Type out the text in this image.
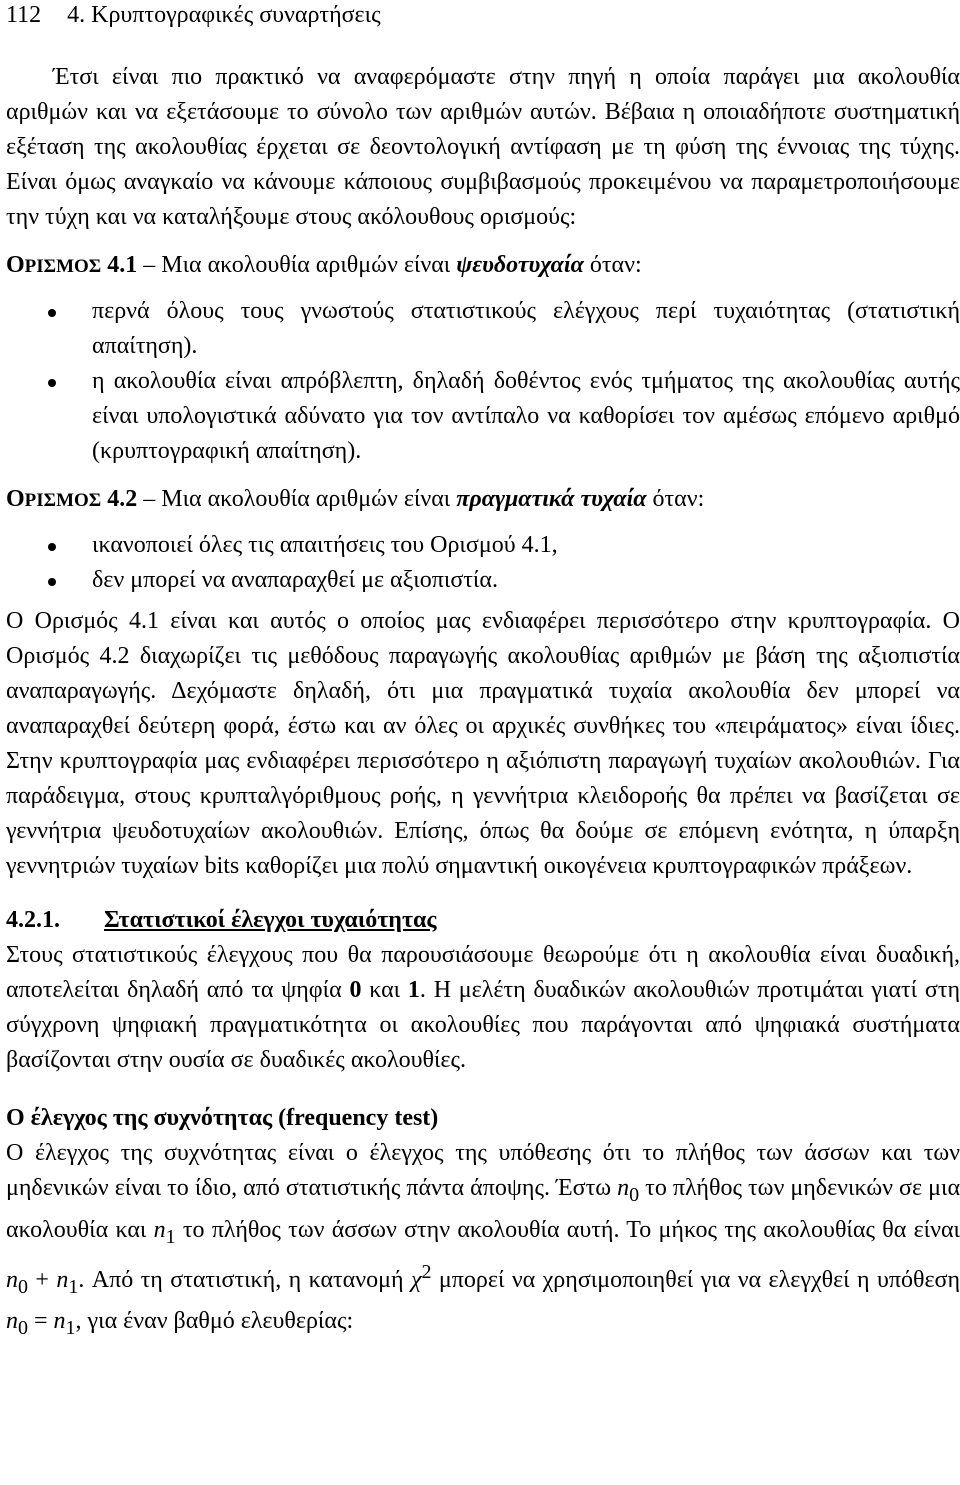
112 4. Κρυπτογραφικές συναρτήσεις

Έτσι είναι πιο πρακτικό να αναφερόμαστε στην πηγή η οποία παράγει μια ακολουθία αριθμών και να εξετάσουμε το σύνολο των αριθμών αυτών. Βέβαια η οποιαδήποτε συστηματική εξέταση της ακολουθίας έρχεται σε δεοντολογική αντίφαση με τη φύση της έννοιας της τύχης. Είναι όμως αναγκαίο να κάνουμε κάποιους συμβιβασμούς προκειμένου να παραμετροποιήσουμε την τύχη και να καταλήξουμε στους ακόλουθους ορισμούς:

ΟΡΙΣΜΟΣ 4.1 – Μια ακολουθία αριθμών είναι ψευδοτυχαία όταν:
περνά όλους τους γνωστούς στατιστικούς ελέγχους περί τυχαιότητας (στατιστική απαίτηση).
η ακολουθία είναι απρόβλεπτη, δηλαδή δοθέντος ενός τμήματος της ακολουθίας αυτής είναι υπολογιστικά αδύνατο για τον αντίπαλο να καθορίσει τον αμέσως επόμενο αριθμό (κρυπτογραφική απαίτηση).
ΟΡΙΣΜΟΣ 4.2 – Μια ακολουθία αριθμών είναι πραγματικά τυχαία όταν:
ικανοποιεί όλες τις απαιτήσεις του Ορισμού 4.1,
δεν μπορεί να αναπαραχθεί με αξιοπιστία.

Ο Ορισμός 4.1 είναι και αυτός ο οποίος μας ενδιαφέρει περισσότερο στην κρυπτογραφία. Ο Ορισμός 4.2 διαχωρίζει τις μεθόδους παραγωγής ακολουθίας αριθμών με βάση της αξιοπιστία αναπαραγωγής. Δεχόμαστε δηλαδή, ότι μια πραγματικά τυχαία ακολουθία δεν μπορεί να αναπαραχθεί δεύτερη φορά, έστω και αν όλες οι αρχικές συνθήκες του «πειράματος» είναι ίδιες. Στην κρυπτογραφία μας ενδιαφέρει περισσότερο η αξιόπιστη παραγωγή τυχαίων ακολουθιών. Για παράδειγμα, στους κρυπταλγόριθμους ροής, η γεννήτρια κλειδοροής θα πρέπει να βασίζεται σε γεννήτρια ψευδοτυχαίων ακολουθιών. Επίσης, όπως θα δούμε σε επόμενη ενότητα, η ύπαρξη γεννητριών τυχαίων bits καθορίζει μια πολύ σημαντική οικογένεια κρυπτογραφικών πράξεων.

4.2.1. Στατιστικοί έλεγχοι τυχαιότητας

Στους στατιστικούς έλεγχους που θα παρουσιάσουμε θεωρούμε ότι η ακολουθία είναι δυαδική, αποτελείται δηλαδή από τα ψηφία 0 και 1. Η μελέτη δυαδικών ακολουθιών προτιμάται γιατί στη σύγχρονη ψηφιακή πραγματικότητα οι ακολουθίες που παράγονται από ψηφιακά συστήματα βασίζονται στην ουσία σε δυαδικές ακολουθίες.

Ο έλεγχος της συχνότητας (frequency test)

Ο έλεγχος της συχνότητας είναι ο έλεγχος της υπόθεσης ότι το πλήθος των άσσων και των μηδενικών είναι το ίδιο, από στατιστικής πάντα άποψης. Έστω $n_0$ το πλήθος των μηδενικών σε μια ακολουθία και $n_1$ το πλήθος των άσσων στην ακολουθία αυτή. Το μήκος της ακολουθίας θα είναι $n_0 + n_1$. Από τη στατιστική, η κατανομή $\chi^2$ μπορεί να χρησιμοποιηθεί για να ελεγχθεί η υπόθεση $n_0 = n_1$, για έναν βαθμό ελευθερίας:
